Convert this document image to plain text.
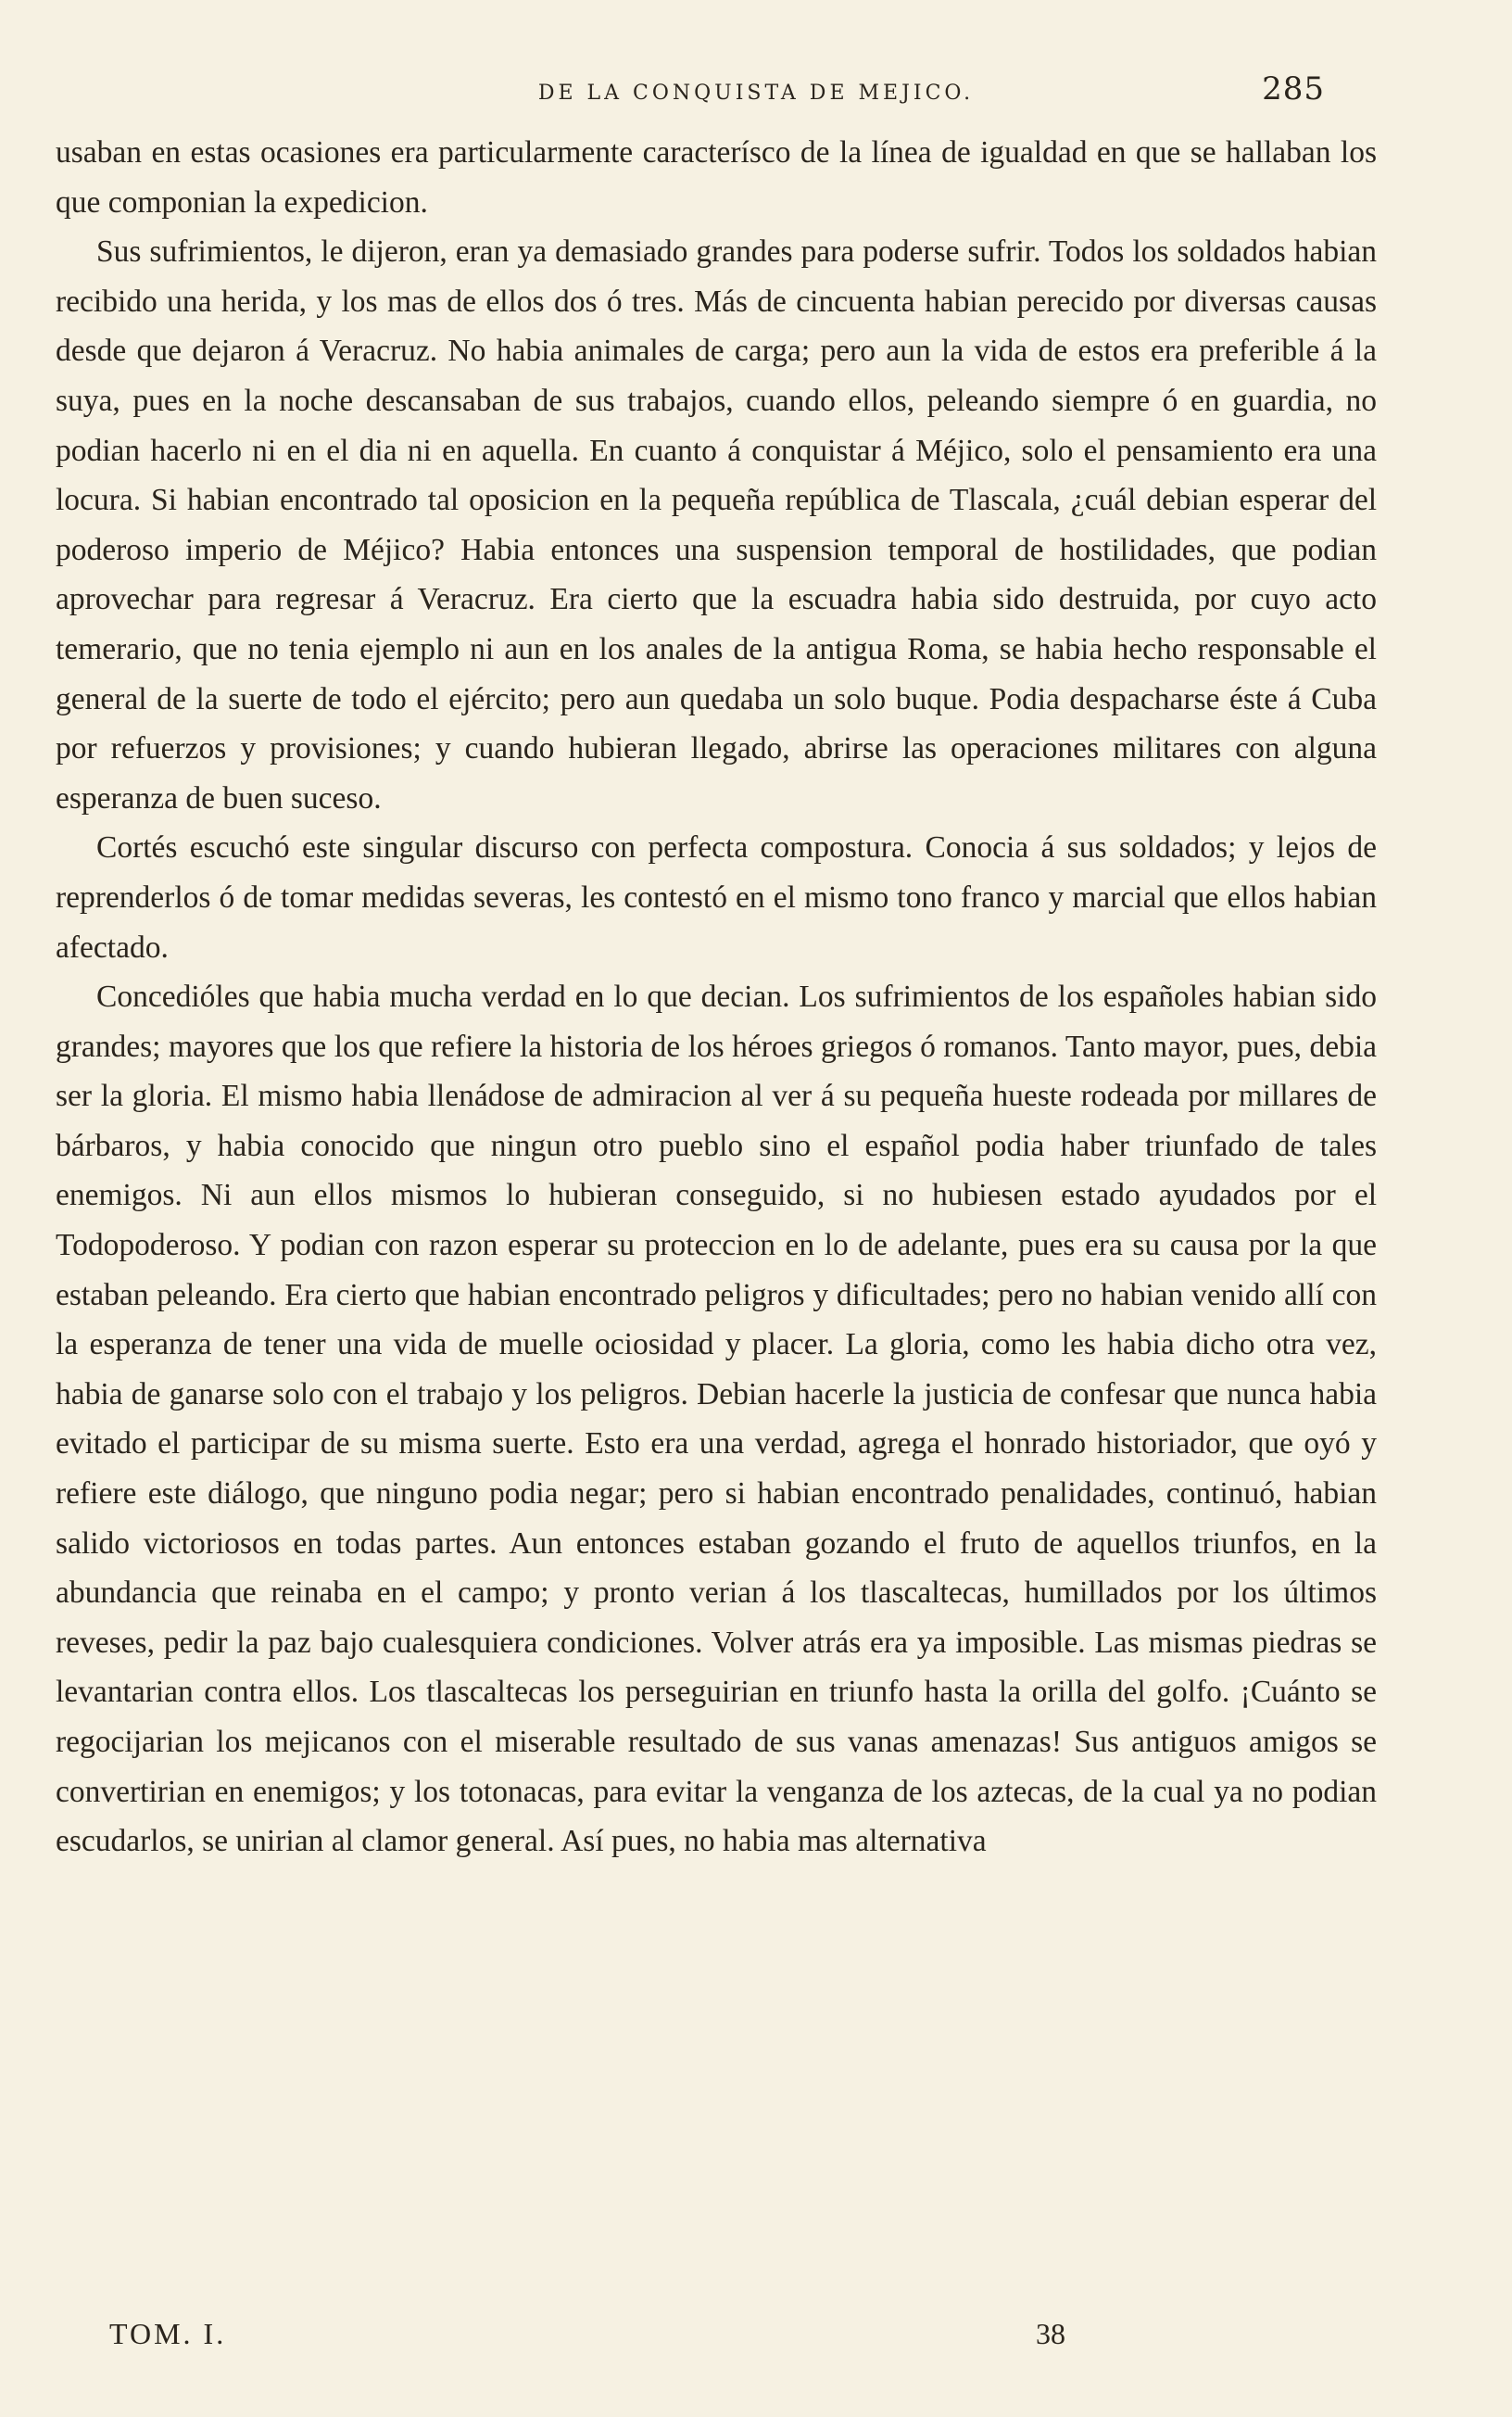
DE LA CONQUISTA DE MEJICO.	285

usaban en estas ocasiones era particularmente caracterísco de la línea de igualdad en que se hallaban los que componian la expedicion.

Sus sufrimientos, le dijeron, eran ya demasiado grandes para poderse sufrir. Todos los soldados habian recibido una herida, y los mas de ellos dos ó tres. Más de cincuenta habian perecido por diversas causas desde que dejaron á Veracruz. No habia animales de carga; pero aun la vida de estos era preferible á la suya, pues en la noche descansaban de sus trabajos, cuando ellos, peleando siempre ó en guardia, no podian hacerlo ni en el dia ni en aquella. En cuanto á conquistar á Méjico, solo el pensamiento era una locura. Si habian encontrado tal oposicion en la pequeña república de Tlascala, ¿cuál debian esperar del poderoso imperio de Méjico? Habia entonces una suspension temporal de hostilidades, que podian aprovechar para regresar á Veracruz. Era cierto que la escuadra habia sido destruida, por cuyo acto temerario, que no tenia ejemplo ni aun en los anales de la antigua Roma, se habia hecho responsable el general de la suerte de todo el ejército; pero aun quedaba un solo buque. Podia despacharse éste á Cuba por refuerzos y provisiones; y cuando hubieran llegado, abrirse las operaciones militares con alguna esperanza de buen suceso.

Cortés escuchó este singular discurso con perfecta compostura. Conocia á sus soldados; y lejos de reprenderlos ó de tomar medidas severas, les contestó en el mismo tono franco y marcial que ellos habian afectado.

Concedióles que habia mucha verdad en lo que decian. Los sufrimientos de los españoles habian sido grandes; mayores que los que refiere la historia de los héroes griegos ó romanos. Tanto mayor, pues, debia ser la gloria. El mismo habia llenádose de admiracion al ver á su pequeña hueste rodeada por millares de bárbaros, y habia conocido que ningun otro pueblo sino el español podia haber triunfado de tales enemigos. Ni aun ellos mismos lo hubieran conseguido, si no hubiesen estado ayudados por el Todopoderoso. Y podian con razon esperar su proteccion en lo de adelante, pues era su causa por la que estaban peleando. Era cierto que habian encontrado peligros y dificultades; pero no habian venido allí con la esperanza de tener una vida de muelle ociosidad y placer. La gloria, como les habia dicho otra vez, habia de ganarse solo con el trabajo y los peligros. Debian hacerle la justicia de confesar que nunca habia evitado el participar de su misma suerte. Esto era una verdad, agrega el honrado historiador, que oyó y refiere este diálogo, que ninguno podia negar; pero si habian encontrado penalidades, continuó, habian salido victoriosos en todas partes. Aun entonces estaban gozando el fruto de aquellos triunfos, en la abundancia que reinaba en el campo; y pronto verian á los tlascaltecas, humillados por los últimos reveses, pedir la paz bajo cualesquiera condiciones. Volver atrás era ya imposible. Las mismas piedras se levantarian contra ellos. Los tlascaltecas los perseguirian en triunfo hasta la orilla del golfo. ¡Cuánto se regocijarian los mejicanos con el miserable resultado de sus vanas amenazas! Sus antiguos amigos se convertirian en enemigos; y los totonacas, para evitar la venganza de los aztecas, de la cual ya no podian escudarlos, se unirian al clamor general. Así pues, no habia mas alternativa

TOM. I.	38
